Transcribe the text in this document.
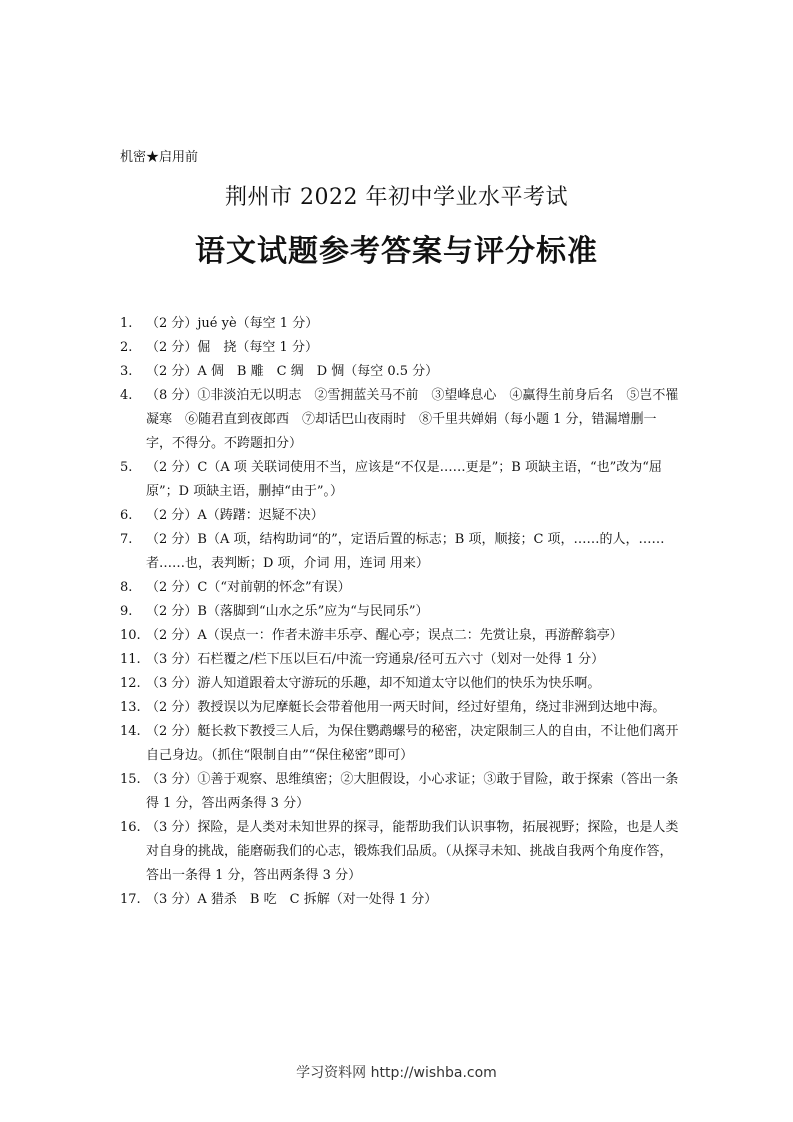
机密★启用前
荆州市 2022 年初中学业水平考试
语文试题参考答案与评分标准
1. （2 分）jué yè（每空 1 分）
2. （2 分）倔　挠（每空 1 分）
3. （2 分）A 倜　B 雕　C 绸　D 惆（每空 0.5 分）
4. （8 分）①非淡泊无以明志　②雪拥蓝关马不前　③望峰息心　④赢得生前身后名　⑤岂不罹凝寒　⑥随君直到夜郎西　⑦却话巴山夜雨时　⑧千里共婵娟（每小题 1 分，错漏增删一字，不得分。不跨题扣分）
5. （2 分）C（A 项 关联词使用不当，应该是“不仅是……更是”；B 项缺主语，“也”改为“屈原”；D 项缺主语，删掉“由于”。）
6. （2 分）A（踌躇：迟疑不决）
7. （2 分）B（A 项，结构助词“的”，定语后置的标志；B 项，顺接；C 项，……的人，……者……也，表判断；D 项，介词 用，连词 用来）
8. （2 分）C（“对前朝的怀念”有误）
9. （2 分）B（落脚到“山水之乐”应为“与民同乐”）
10. （2 分）A（误点一：作者未游丰乐亭、醒心亭；误点二：先赏让泉，再游醉翁亭）
11. （3 分）石栏覆之/栏下压以巨石/中流一窍通泉/径可五六寸（划对一处得 1 分）
12. （3 分）游人知道跟着太守游玩的乐趣，却不知道太守以他们的快乐为快乐啊。
13. （2 分）教授误以为尼摩艇长会带着他用一两天时间，经过好望角，绕过非洲到达地中海。
14. （2 分）艇长救下教授三人后，为保住鹦鹉螺号的秘密，决定限制三人的自由，不让他们离开自己身边。（抓住“限制自由”“保住秘密”即可）
15. （3 分）①善于观察、思维缜密；②大胆假设，小心求证；③敢于冒险，敢于探索（答出一条得 1 分，答出两条得 3 分）
16. （3 分）探险，是人类对未知世界的探寻，能帮助我们认识事物，拓展视野；探险，也是人类对自身的挑战，能磨砺我们的心志，锻炼我们品质。（从探寻未知、挑战自我两个角度作答，答出一条得 1 分，答出两条得 3 分）
17. （3 分）A 猎杀　B 吃　C 拆解（对一处得 1 分）
学习资料网 http://wishba.com
